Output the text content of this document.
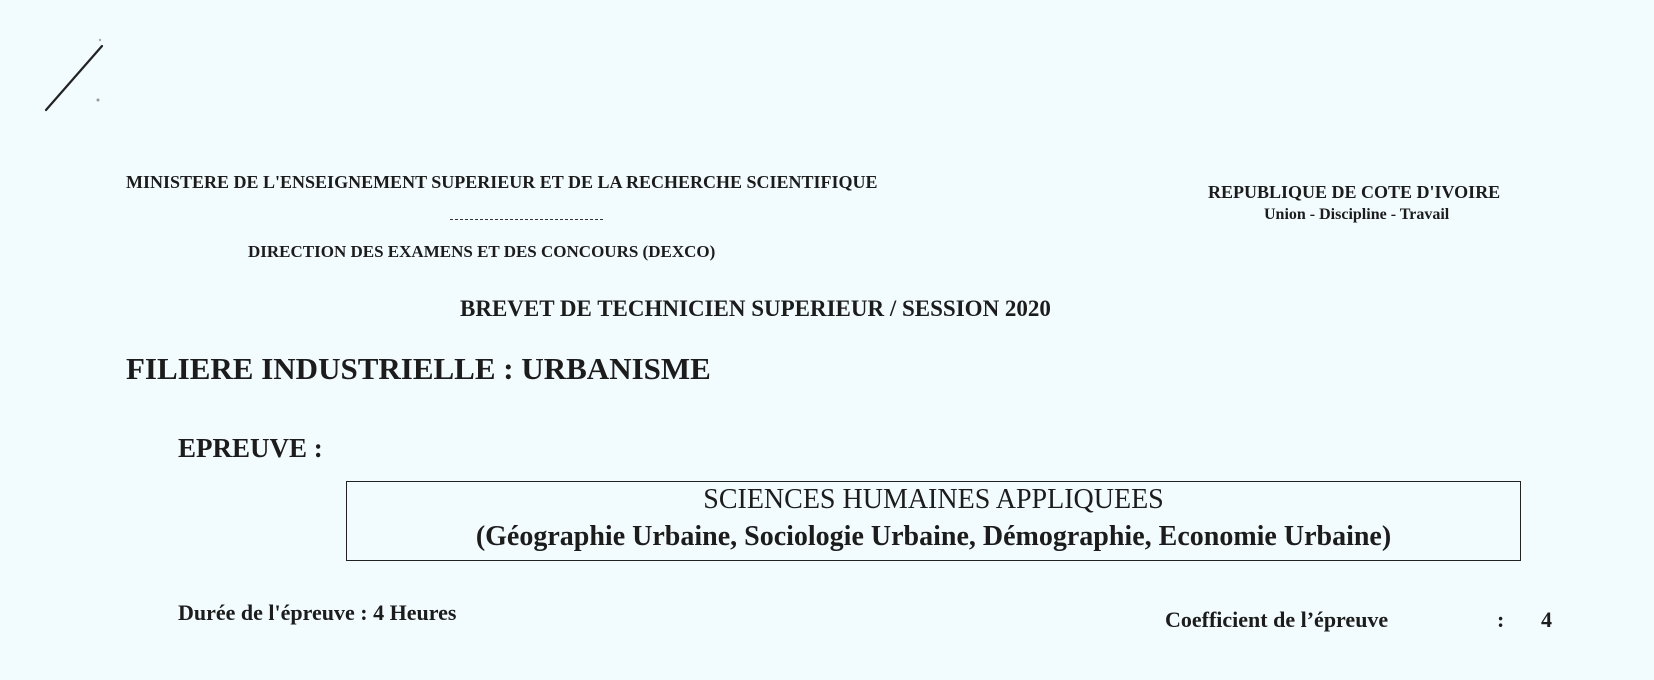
MINISTERE DE L'ENSEIGNEMENT SUPERIEUR ET DE LA RECHERCHE SCIENTIFIQUE
DIRECTION DES EXAMENS ET DES CONCOURS (DEXCO)
REPUBLIQUE DE COTE D'IVOIRE
Union - Discipline - Travail
BREVET DE TECHNICIEN SUPERIEUR / SESSION 2020
FILIERE INDUSTRIELLE : URBANISME
EPREUVE :
SCIENCES HUMAINES APPLIQUEES
(Géographie Urbaine, Sociologie Urbaine, Démographie, Economie Urbaine)
Durée de l'épreuve : 4 Heures	Coefficient de l’épreuve	: 4
